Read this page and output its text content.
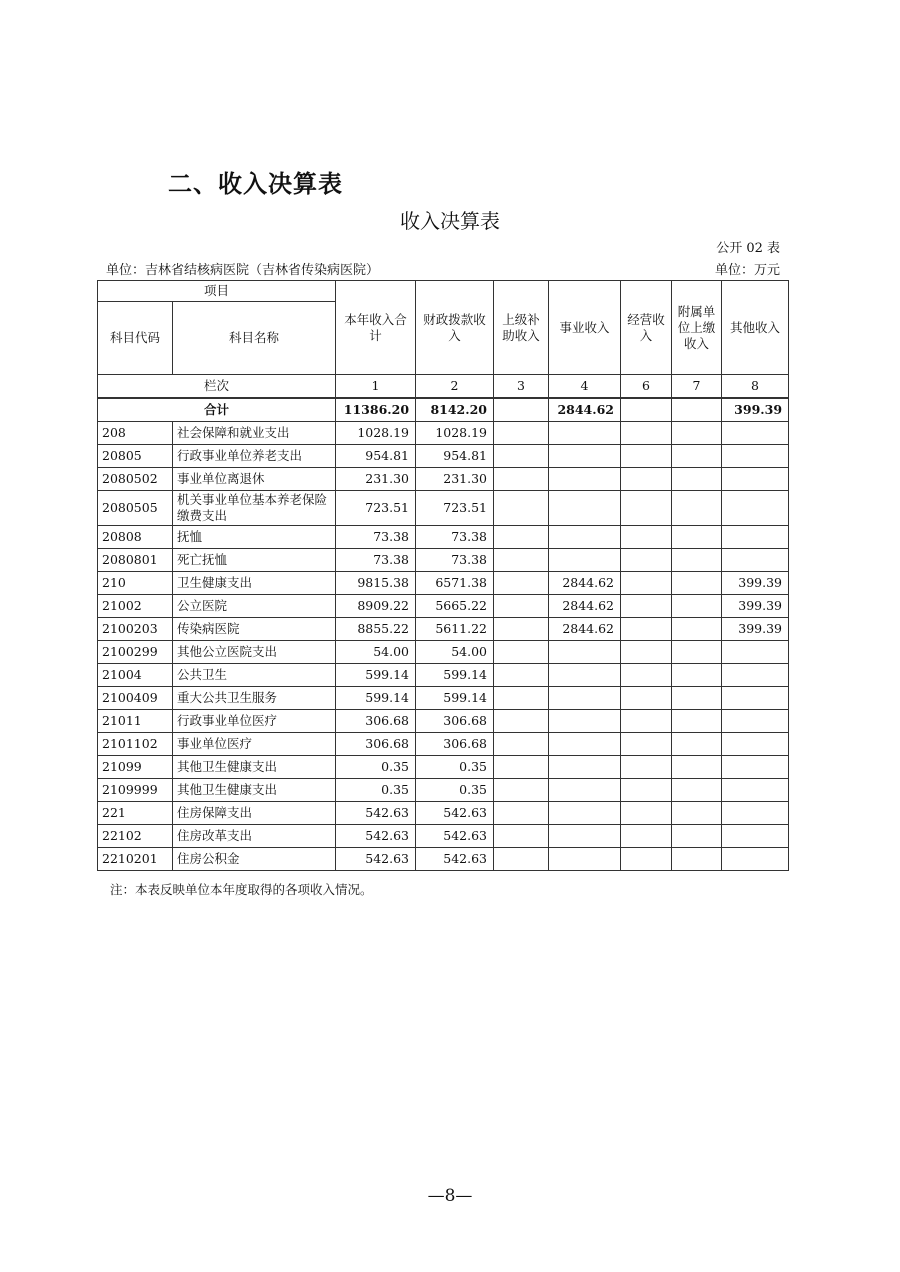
二、收入决算表
收入决算表
公开 02 表
单位：吉林省结核病医院（吉林省传染病医院）	单位：万元
项目		本年收入合计	财政拨款收入	上级补助收入	事业收入	经营收入	附属单位上缴收入	其他收入
科目代码	科目名称							
栏次		1	2	3	4	6	7	8
合计		11386.20	8142.20		2844.62			399.39
208	社会保障和就业支出	1028.19	1028.19					
20805	行政事业单位养老支出	954.81	954.81					
2080502	事业单位离退休	231.30	231.30					
2080505	机关事业单位基本养老保险缴费支出	723.51	723.51					
20808	抚恤	73.38	73.38					
2080801	死亡抚恤	73.38	73.38					
210	卫生健康支出	9815.38	6571.38		2844.62			399.39
21002	公立医院	8909.22	5665.22		2844.62			399.39
2100203	传染病医院	8855.22	5611.22		2844.62			399.39
2100299	其他公立医院支出	54.00	54.00					
21004	公共卫生	599.14	599.14					
2100409	重大公共卫生服务	599.14	599.14					
21011	行政事业单位医疗	306.68	306.68					
2101102	事业单位医疗	306.68	306.68					
21099	其他卫生健康支出	0.35	0.35					
2109999	其他卫生健康支出	0.35	0.35					
221	住房保障支出	542.63	542.63					
22102	住房改革支出	542.63	542.63					
2210201	住房公积金	542.63	542.63					
注：本表反映单位本年度取得的各项收入情况。
—8—
